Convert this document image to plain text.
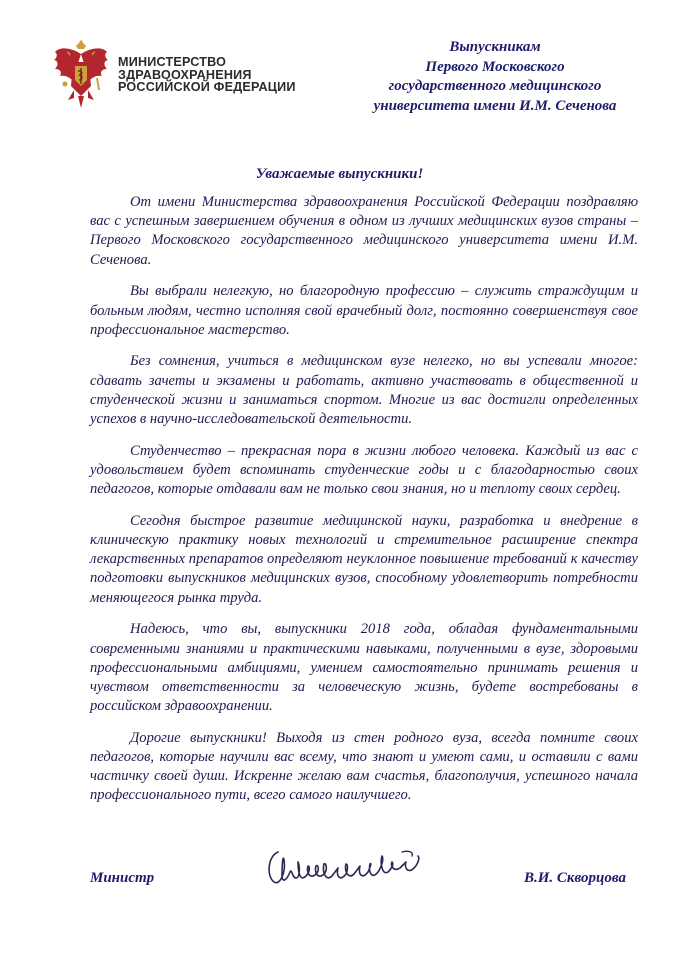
МИНИСТЕРСТВО
ЗДРАВООХРАНЕНИЯ
РОССИЙСКОЙ ФЕДЕРАЦИИ
Выпускникам
Первого Московского
государственного медицинского
университета имени И.М. Сеченова
Уважаемые выпускники!

От имени Министерства здравоохранения Российской Федерации поздравляю вас с успешным завершением обучения в одном из лучших медицинских вузов страны – Первого Московского государственного медицинского университета имени И.М. Сеченова.

Вы выбрали нелегкую, но благородную профессию – служить страждущим и больным людям, честно исполняя свой врачебный долг, постоянно совершенствуя свое профессиональное мастерство.

Без сомнения, учиться в медицинском вузе нелегко, но вы успевали многое: сдавать зачеты и экзамены и работать, активно участвовать в общественной и студенческой жизни и заниматься спортом. Многие из вас достигли определенных успехов в научно-исследовательской деятельности.

Студенчество – прекрасная пора в жизни любого человека. Каждый из вас с удовольствием будет вспоминать студенческие годы и с благодарностью своих педагогов, которые отдавали вам не только свои знания, но и теплоту своих сердец.

Сегодня быстрое развитие медицинской науки, разработка и внедрение в клиническую практику новых технологий и стремительное расширение спектра лекарственных препаратов определяют неуклонное повышение требований к качеству подготовки выпускников медицинских вузов, способному удовлетворить потребности меняющегося рынка труда.

Надеюсь, что вы, выпускники 2018 года, обладая фундаментальными современными знаниями и практическими навыками, полученными в вузе, здоровыми профессиональными амбициями, умением самостоятельно принимать решения и чувством ответственности за человеческую жизнь, будете востребованы в российском здравоохранении.

Дорогие выпускники! Выходя из стен родного вуза, всегда помните своих педагогов, которые научили вас всему, что знают и умеют сами, и оставили с вами частичку своей души. Искренне желаю вам счастья, благополучия, успешного начала профессионального пути, всего самого наилучшего.

Министр	В.И. Скворцова
